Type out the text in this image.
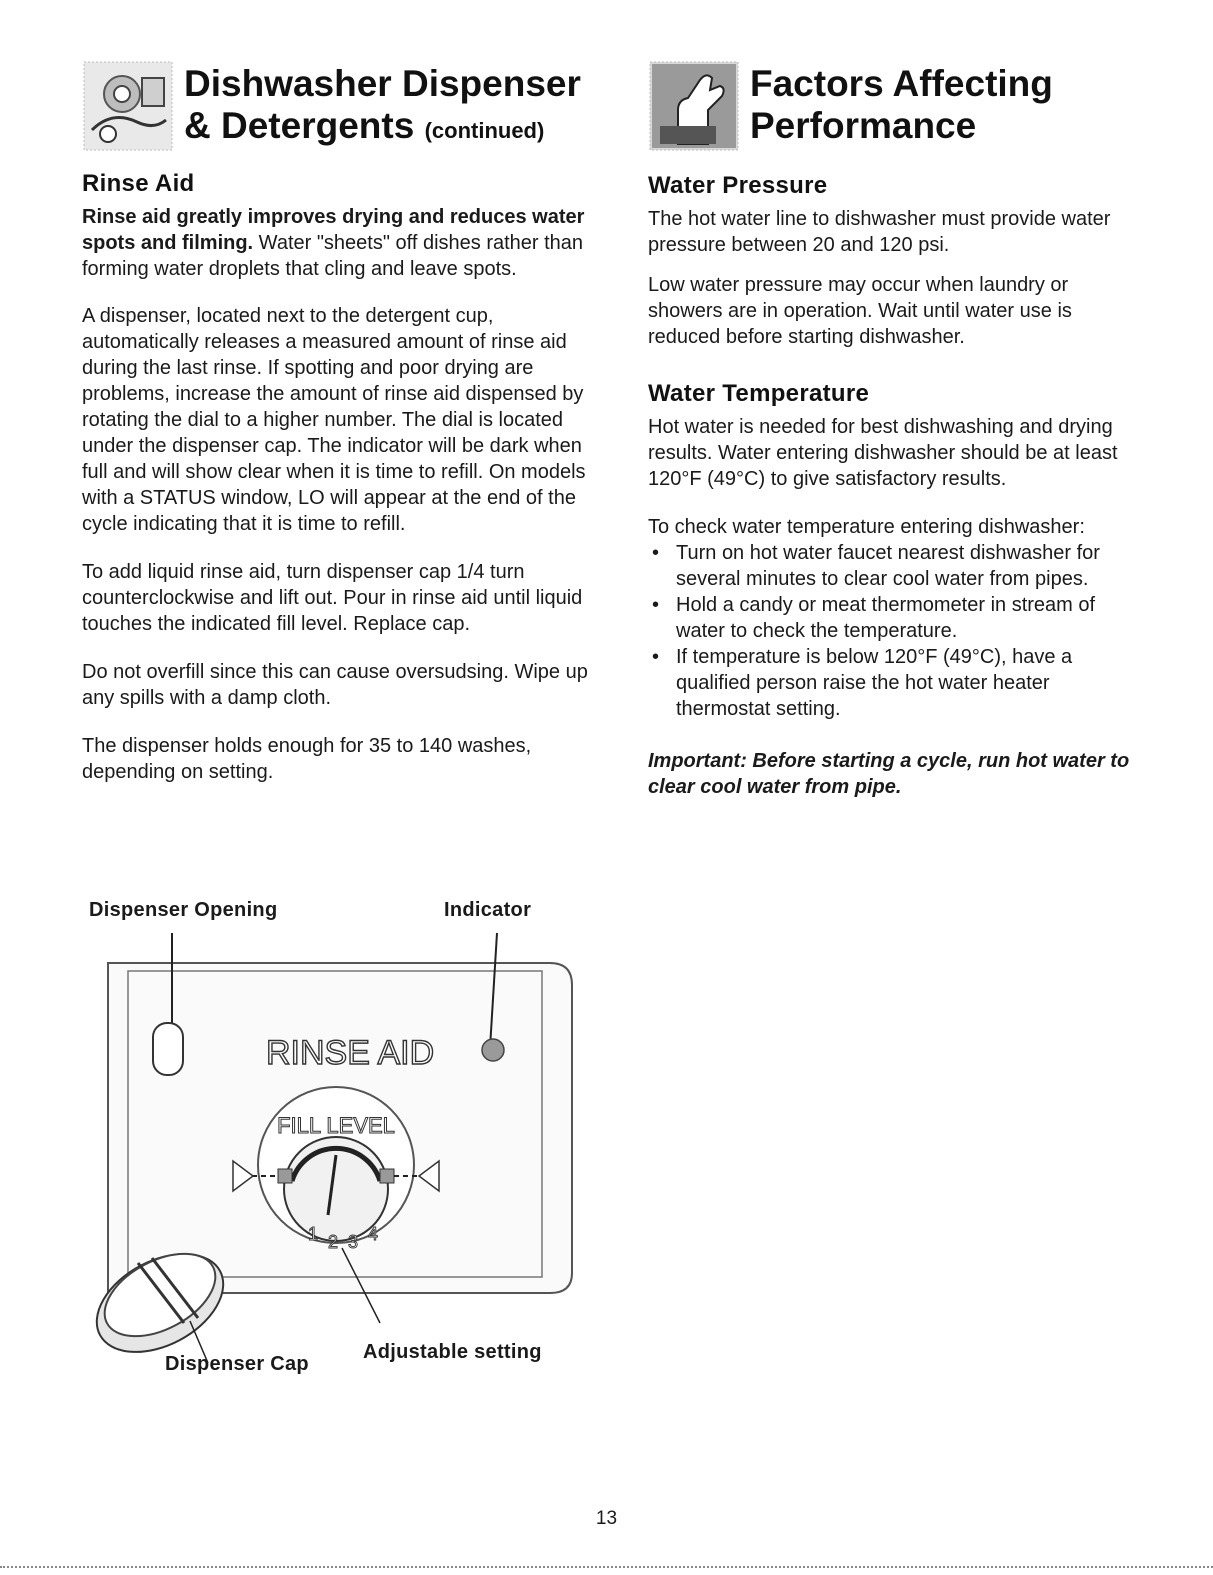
Dishwasher Dispenser
& Detergents (continued)
Rinse Aid

Rinse aid greatly improves drying and reduces water spots and filming. Water "sheets" off dishes rather than forming water droplets that cling and leave spots.

A dispenser, located next to the detergent cup, automatically releases a measured amount of rinse aid during the last rinse. If spotting and poor drying are problems, increase the amount of rinse aid dispensed by rotating the dial to a higher number. The dial is located under the dispenser cap. The indicator will be dark when full and will show clear when it is time to refill. On models with a STATUS window, LO will appear at the end of the cycle indicating that it is time to refill.

To add liquid rinse aid, turn dispenser cap 1/4 turn counterclockwise and lift out. Pour in rinse aid until liquid touches the indicated fill level. Replace cap.

Do not overfill since this can cause oversudsing. Wipe up any spills with a damp cloth.

The dispenser holds enough for 35 to 140 washes, depending on setting.

Dispenser Opening	Indicator
RINSE AID
FILL LEVEL
1 2 3 4
Dispenser Cap
Adjustable setting
Factors Affecting
Performance
Water Pressure

The hot water line to dishwasher must provide water pressure between 20 and 120 psi.

Low water pressure may occur when laundry or showers are in operation. Wait until water use is reduced before starting dishwasher.

Water Temperature

Hot water is needed for best dishwashing and drying results. Water entering dishwasher should be at least 120°F (49°C) to give satisfactory results.

To check water temperature entering dishwasher:

• Turn on hot water faucet nearest dishwasher for several minutes to clear cool water from pipes.
• Hold a candy or meat thermometer in stream of water to check the temperature.
• If temperature is below 120°F (49°C), have a qualified person raise the hot water heater thermostat setting.
Important: Before starting a cycle, run hot water to clear cool water from pipe.
13
